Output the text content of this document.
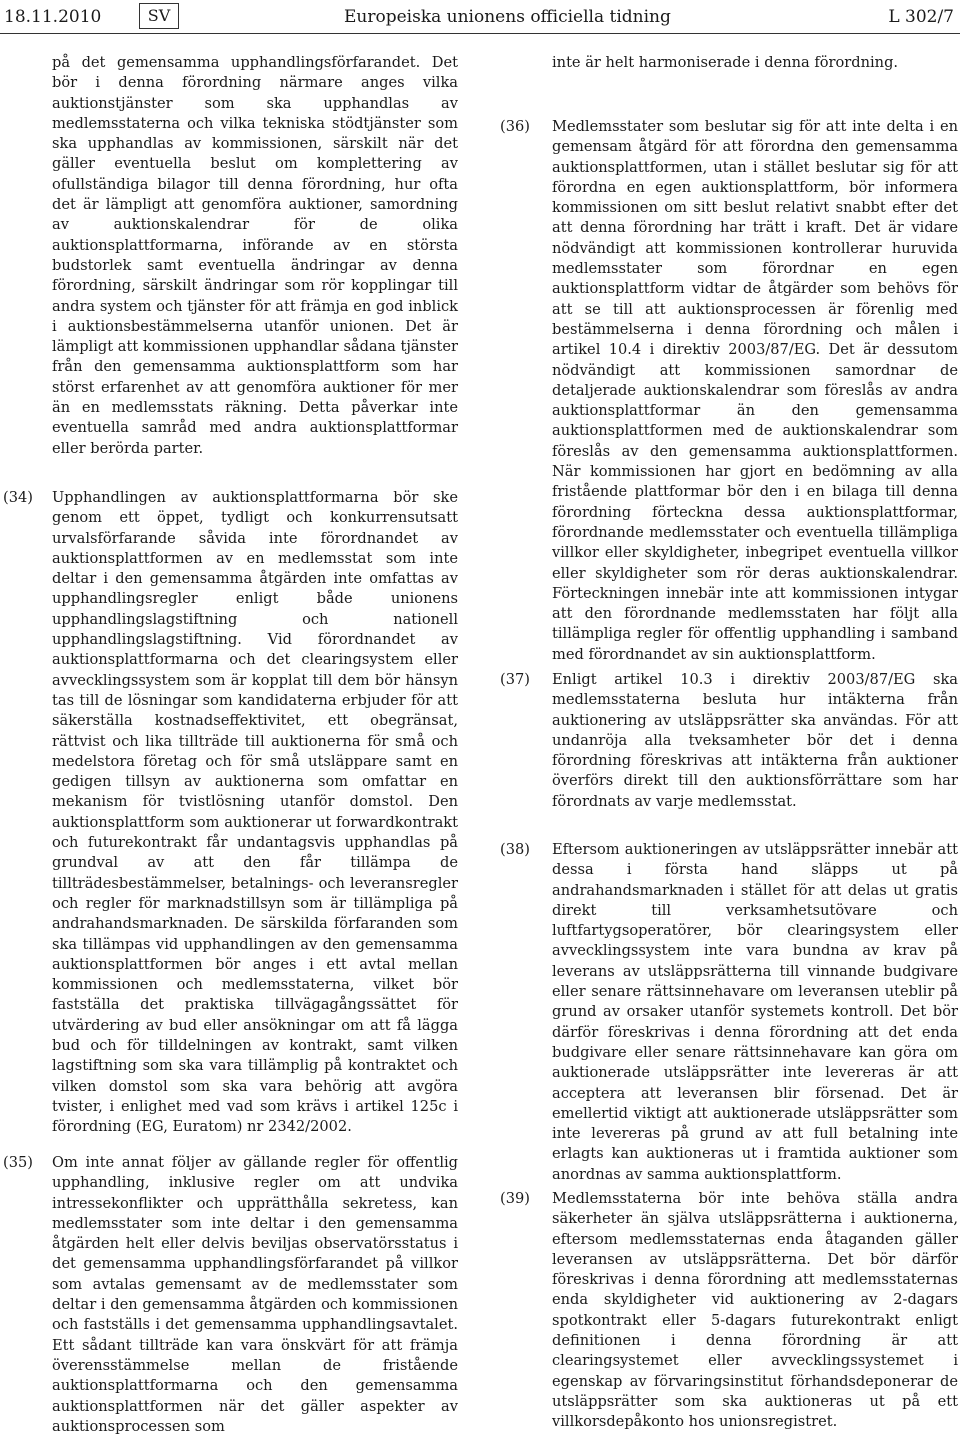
18.11.2010	SV	Europeiska unionens officiella tidning	L 302/7

på det gemensamma upphandlingsförfarandet. Det bör i denna förordning närmare anges vilka auktionstjänster som ska upphandlas av medlemsstaterna och vilka tekniska stödtjänster som ska upphandlas av kommissionen, särskilt när det gäller eventuella beslut om komplettering av ofullständiga bilagor till denna förordning, hur ofta det är lämpligt att genomföra auktioner, samordning av auktionskalendrar för de olika auktionsplattformarna, införande av en största budstorlek samt eventuella ändringar av denna förordning, särskilt ändringar som rör kopplingar till andra system och tjänster för att främja en god inblick i auktionsbestämmelserna utanför unionen. Det är lämpligt att kommissionen upphandlar sådana tjänster från den gemensamma auktionsplattform som har störst erfarenhet av att genomföra auktioner för mer än en medlemsstats räkning. Detta påverkar inte eventuella samråd med andra auktionsplattformar eller berörda parter.

(34) Upphandlingen av auktionsplattformarna bör ske genom ett öppet, tydligt och konkurrensutsatt urvalsförfarande såvida inte förordnandet av auktionsplattformen av en medlemsstat som inte deltar i den gemensamma åtgärden inte omfattas av upphandlingsregler enligt både unionens upphandlingslagstiftning och nationell upphandlingslagstiftning. Vid förordnandet av auktionsplattformarna och det clearingsystem eller avvecklingssystem som är kopplat till dem bör hänsyn tas till de lösningar som kandidaterna erbjuder för att säkerställa kostnadseffektivitet, ett obegränsat, rättvist och lika tillträde till auktionerna för små och medelstora företag och för små utsläppare samt en gedigen tillsyn av auktionerna som omfattar en mekanism för tvistlösning utanför domstol. Den auktionsplattform som auktionerar ut forwardkontrakt och futurekontrakt får undantagsvis upphandlas på grundval av att den får tillämpa de tillträdesbestämmelser, betalnings- och leveransregler och regler för marknadstillsyn som är tillämpliga på andrahandsmarknaden. De särskilda förfaranden som ska tillämpas vid upphandlingen av den gemensamma auktionsplattformen bör anges i ett avtal mellan kommissionen och medlemsstaterna, vilket bör fastställa det praktiska tillvägagångssättet för utvärdering av bud eller ansökningar om att få lägga bud och för tilldelningen av kontrakt, samt vilken lagstiftning som ska vara tillämplig på kontraktet och vilken domstol som ska vara behörig att avgöra tvister, i enlighet med vad som krävs i artikel 125c i förordning (EG, Euratom) nr 2342/2002.

(35) Om inte annat följer av gällande regler för offentlig upphandling, inklusive regler om att undvika intressekonflikter och upprätthålla sekretess, kan medlemsstater som inte deltar i den gemensamma åtgärden helt eller delvis beviljas observatörsstatus i det gemensamma upphandlingsförfarandet på villkor som avtalas gemensamt av de medlemsstater som deltar i den gemensamma åtgärden och kommissionen och fastställs i det gemensamma upphandlingsavtalet. Ett sådant tillträde kan vara önskvärt för att främja överensstämmelse mellan de fristående auktionsplattformarna och den gemensamma auktionsplattformen när det gäller aspekter av auktionsprocessen som

inte är helt harmoniserade i denna förordning.

(36) Medlemsstater som beslutar sig för att inte delta i en gemensam åtgärd för att förordna den gemensamma auktionsplattformen, utan i stället beslutar sig för att förordna en egen auktionsplattform, bör informera kommissionen om sitt beslut relativt snabbt efter det att denna förordning har trätt i kraft. Det är vidare nödvändigt att kommissionen kontrollerar huruvida medlemsstater som förordnar en egen auktionsplattform vidtar de åtgärder som behövs för att se till att auktionsprocessen är förenlig med bestämmelserna i denna förordning och målen i artikel 10.4 i direktiv 2003/87/EG. Det är dessutom nödvändigt att kommissionen samordnar de detaljerade auktionskalendrar som föreslås av andra auktionsplattformar än den gemensamma auktionsplattformen med de auktionskalendrar som föreslås av den gemensamma auktionsplattformen. När kommissionen har gjort en bedömning av alla fristående plattformar bör den i en bilaga till denna förordning förteckna dessa auktionsplattformar, förordnande medlemsstater och eventuella tillämpliga villkor eller skyldigheter, inbegripet eventuella villkor eller skyldigheter som rör deras auktionskalendrar. Förteckningen innebär inte att kommissionen intygar att den förordnande medlemsstaten har följt alla tillämpliga regler för offentlig upphandling i samband med förordnandet av sin auktionsplattform.

(37) Enligt artikel 10.3 i direktiv 2003/87/EG ska medlemsstaterna besluta hur intäkterna från auktionering av utsläppsrätter ska användas. För att undanröja alla tveksamheter bör det i denna förordning föreskrivas att intäkterna från auktioner överförs direkt till den auktionsförrättare som har förordnats av varje medlemsstat.

(38) Eftersom auktioneringen av utsläppsrätter innebär att dessa i första hand släpps ut på andrahandsmarknaden i stället för att delas ut gratis direkt till verksamhetsutövare och luftfartygsoperatörer, bör clearingsystem eller avvecklingssystem inte vara bundna av krav på leverans av utsläppsrätterna till vinnande budgivare eller senare rättsinnehavare om leveransen uteblir på grund av orsaker utanför systemets kontroll. Det bör därför föreskrivas i denna förordning att det enda budgivare eller senare rättsinnehavare kan göra om auktionerade utsläppsrätter inte levereras är att acceptera att leveransen blir försenad. Det är emellertid viktigt att auktionerade utsläppsrätter som inte levereras på grund av att full betalning inte erlagts kan auktioneras ut i framtida auktioner som anordnas av samma auktionsplattform.

(39) Medlemsstaterna bör inte behöva ställa andra säkerheter än själva utsläppsrätterna i auktionerna, eftersom medlemsstaternas enda åtaganden gäller leveransen av utsläppsrätterna. Det bör därför föreskrivas i denna förordning att medlemsstaternas enda skyldigheter vid auktionering av 2-dagars spotkontrakt eller 5-dagars futurekontrakt enligt definitionen i denna förordning är att clearingsystemet eller avvecklingssystemet i egenskap av förvaringsinstitut förhandsdeponerar de utsläppsrätter som ska auktioneras ut på ett villkorsdepåkonto hos unionsregistret.
